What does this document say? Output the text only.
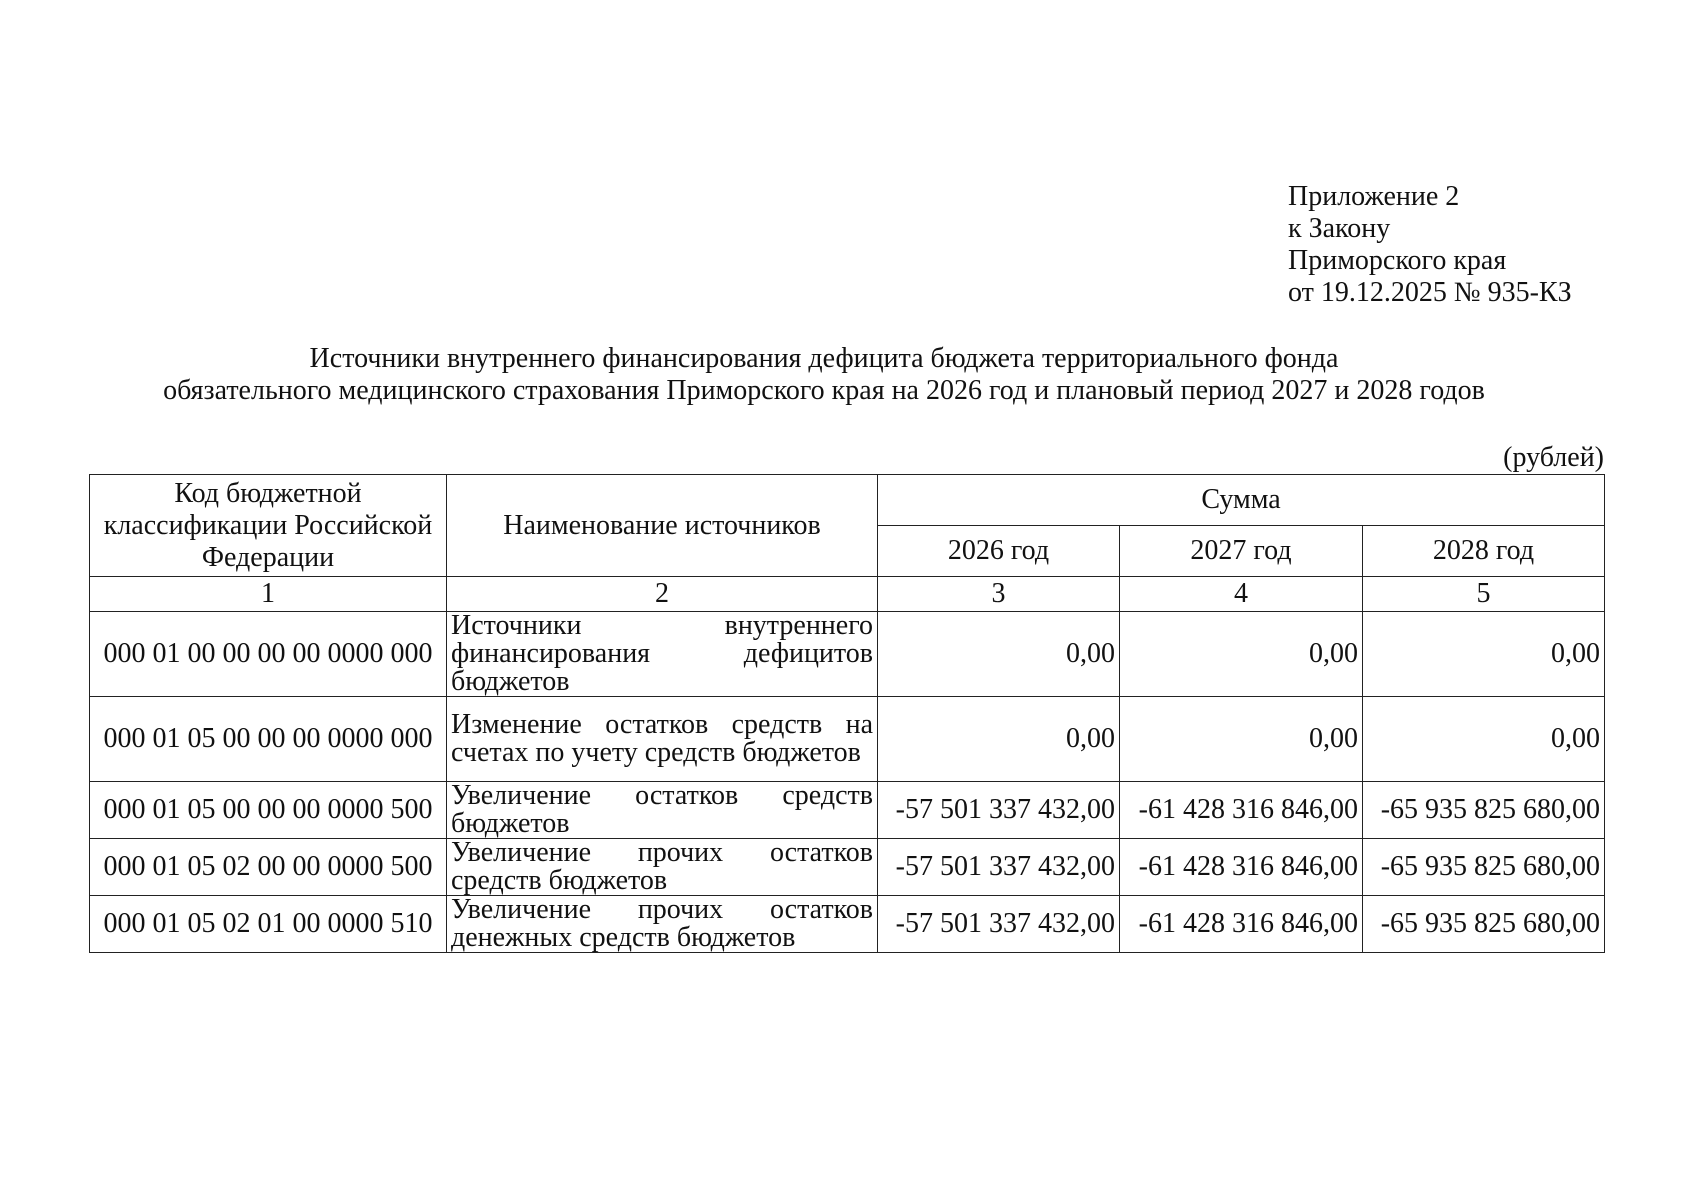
Приложение 2
к Закону
Приморского края
от 19.12.2025 № 935-КЗ
Источники внутреннего финансирования дефицита бюджета территориального фонда
обязательного медицинского страхования Приморского края на 2026 год и плановый период 2027 и 2028 годов
(рублей)
Код бюджетной классификации Российской Федерации	Наименование источников	Сумма		
		2026 год	2027 год	2028 год
1	2	3	4	5
000 01 00 00 00 00 0000 000	Источники внутреннего финансирования дефицитов бюджетов	0,00	0,00	0,00
000 01 05 00 00 00 0000 000	Изменение остатков средств на счетах по учету средств бюджетов	0,00	0,00	0,00
000 01 05 00 00 00 0000 500	Увеличение остатков средств бюджетов	-57 501 337 432,00	-61 428 316 846,00	-65 935 825 680,00
000 01 05 02 00 00 0000 500	Увеличение прочих остатков средств бюджетов	-57 501 337 432,00	-61 428 316 846,00	-65 935 825 680,00
000 01 05 02 01 00 0000 510	Увеличение прочих остатков денежных средств бюджетов	-57 501 337 432,00	-61 428 316 846,00	-65 935 825 680,00
